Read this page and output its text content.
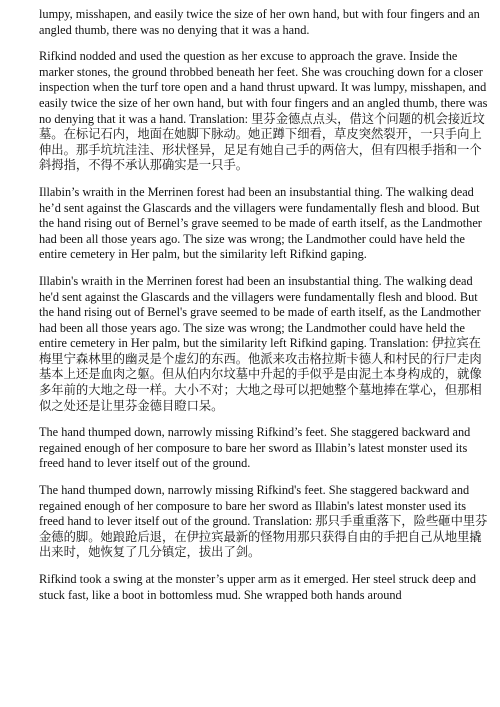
lumpy, misshapen, and easily twice the size of her own hand, but with four fingers and an angled thumb, there was no denying that it was a hand.

Rifkind nodded and used the question as her excuse to approach the grave. Inside the marker stones, the ground throbbed beneath her feet. She was crouching down for a closer inspection when the turf tore open and a hand thrust upward. It was lumpy, misshapen, and easily twice the size of her own hand, but with four fingers and an angled thumb, there was no denying that it was a hand. Translation: 里芬金德点点头，借这个问题的机会接近坟墓。在标记石内，地面在她脚下脉动。她正蹲下细看，草皮突然裂开，一只手向上伸出。那手坑坑洼洼、形状怪异，足足有她自己手的两倍大，但有四根手指和一个斜拇指，不得不承认那确实是一只手。

Illabin’s wraith in the Merrinen forest had been an insubstantial thing. The walking dead he’d sent against the Glascards and the villagers were fundamentally flesh and blood. But the hand rising out of Bernel’s grave seemed to be made of earth itself, as the Landmother had been all those years ago. The size was wrong; the Landmother could have held the entire cemetery in Her palm, but the similarity left Rifkind gaping.

Illabin's wraith in the Merrinen forest had been an insubstantial thing. The walking dead he'd sent against the Glascards and the villagers were fundamentally flesh and blood. But the hand rising out of Bernel's grave seemed to be made of earth itself, as the Landmother had been all those years ago. The size was wrong; the Landmother could have held the entire cemetery in Her palm, but the similarity left Rifkind gaping. Translation: 伊拉宾在梅里宁森林里的幽灵是个虚幻的东西。他派来攻击格拉斯卡德人和村民的行尸走肉基本上还是血肉之躯。但从伯内尔坟墓中升起的手似乎是由泥土本身构成的，就像多年前的大地之母一样。大小不对；大地之母可以把她整个墓地捧在掌心，但那相似之处还是让里芬金德目瞪口呆。

The hand thumped down, narrowly missing Rifkind’s feet. She staggered backward and regained enough of her composure to bare her sword as Illabin’s latest monster used its freed hand to lever itself out of the ground.

The hand thumped down, narrowly missing Rifkind's feet. She staggered backward and regained enough of her composure to bare her sword as Illabin's latest monster used its freed hand to lever itself out of the ground. Translation: 那只手重重落下，险些砸中里芬金德的脚。她踉跄后退，在伊拉宾最新的怪物用那只获得自由的手把自己从地里撬出来时，她恢复了几分镇定，拔出了剑。

Rifkind took a swing at the monster’s upper arm as it emerged. Her steel struck deep and stuck fast, like a boot in bottomless mud. She wrapped both hands around
